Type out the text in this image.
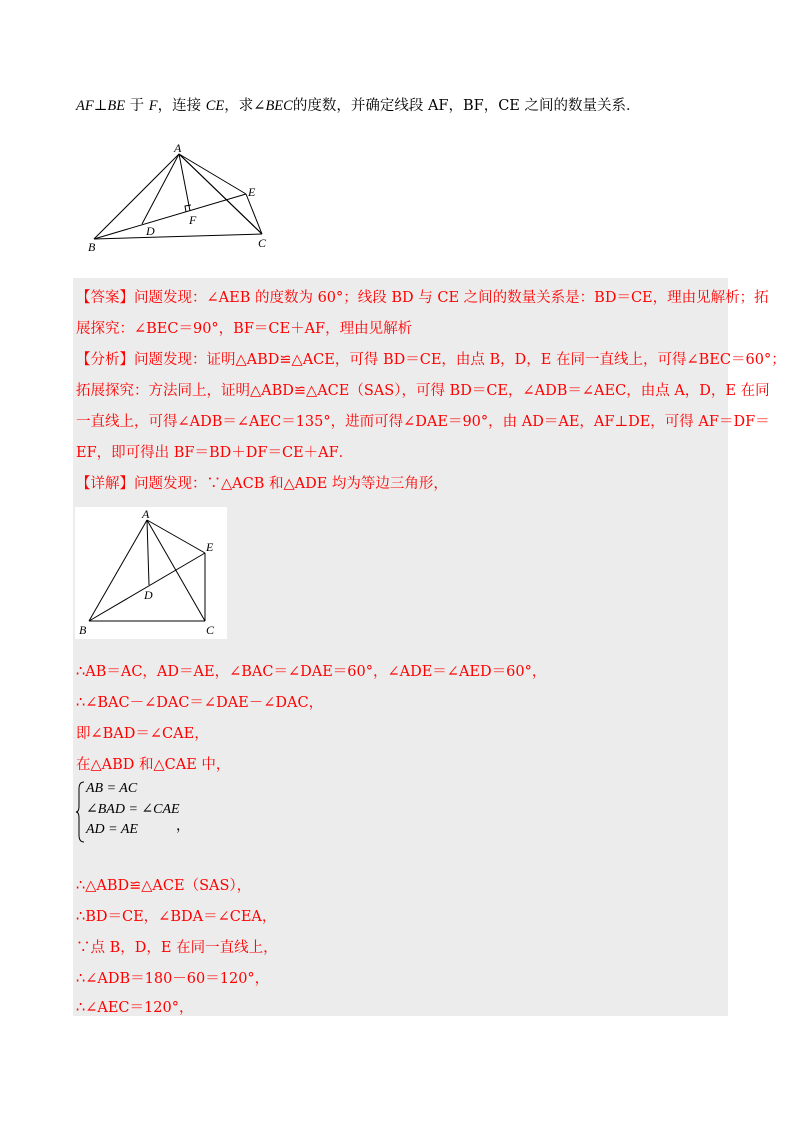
AF⊥BE 于 F，连接 CE，求∠BEC的度数，并确定线段 AF，BF，CE 之间的数量关系．
A
B	C
D
E
F
【答案】问题发现：∠AEB 的度数为 60°；线段 BD 与 CE 之间的数量关系是：BD＝CE，理由见解析；拓
展探究：∠BEC＝90°，BF＝CE＋AF，理由见解析
【分析】问题发现：证明△ABD≌△ACE，可得 BD＝CE，由点 B，D，E 在同一直线上，可得∠BEC＝60°；
拓展探究：方法同上，证明△ABD≌△ACE（SAS），可得 BD＝CE，∠ADB＝∠AEC，由点 A，D，E 在同
一直线上，可得∠ADB＝∠AEC＝135°，进而可得∠DAE＝90°，由 AD＝AE，AF⊥DE，可得 AF＝DF＝
EF，即可得出 BF＝BD＋DF＝CE＋AF．
【详解】问题发现：∵△ACB 和△ADE 均为等边三角形，
A
B	C
D
E
∴AB＝AC，AD＝AE，∠BAC＝∠DAE＝60°，∠ADE＝∠AED＝60°，
∴∠BAC－∠DAC＝∠DAE－∠DAC，
即∠BAD＝∠CAE，
在△ABD 和△CAE 中，
AB = AC
∠BAD = ∠CAE
AD = AE	，
∴△ABD≌△ACE（SAS），
∴BD＝CE，∠BDA＝∠CEA，
∵点 B，D，E 在同一直线上，
∴∠ADB＝180－60＝120°，
∴∠AEC＝120°，
